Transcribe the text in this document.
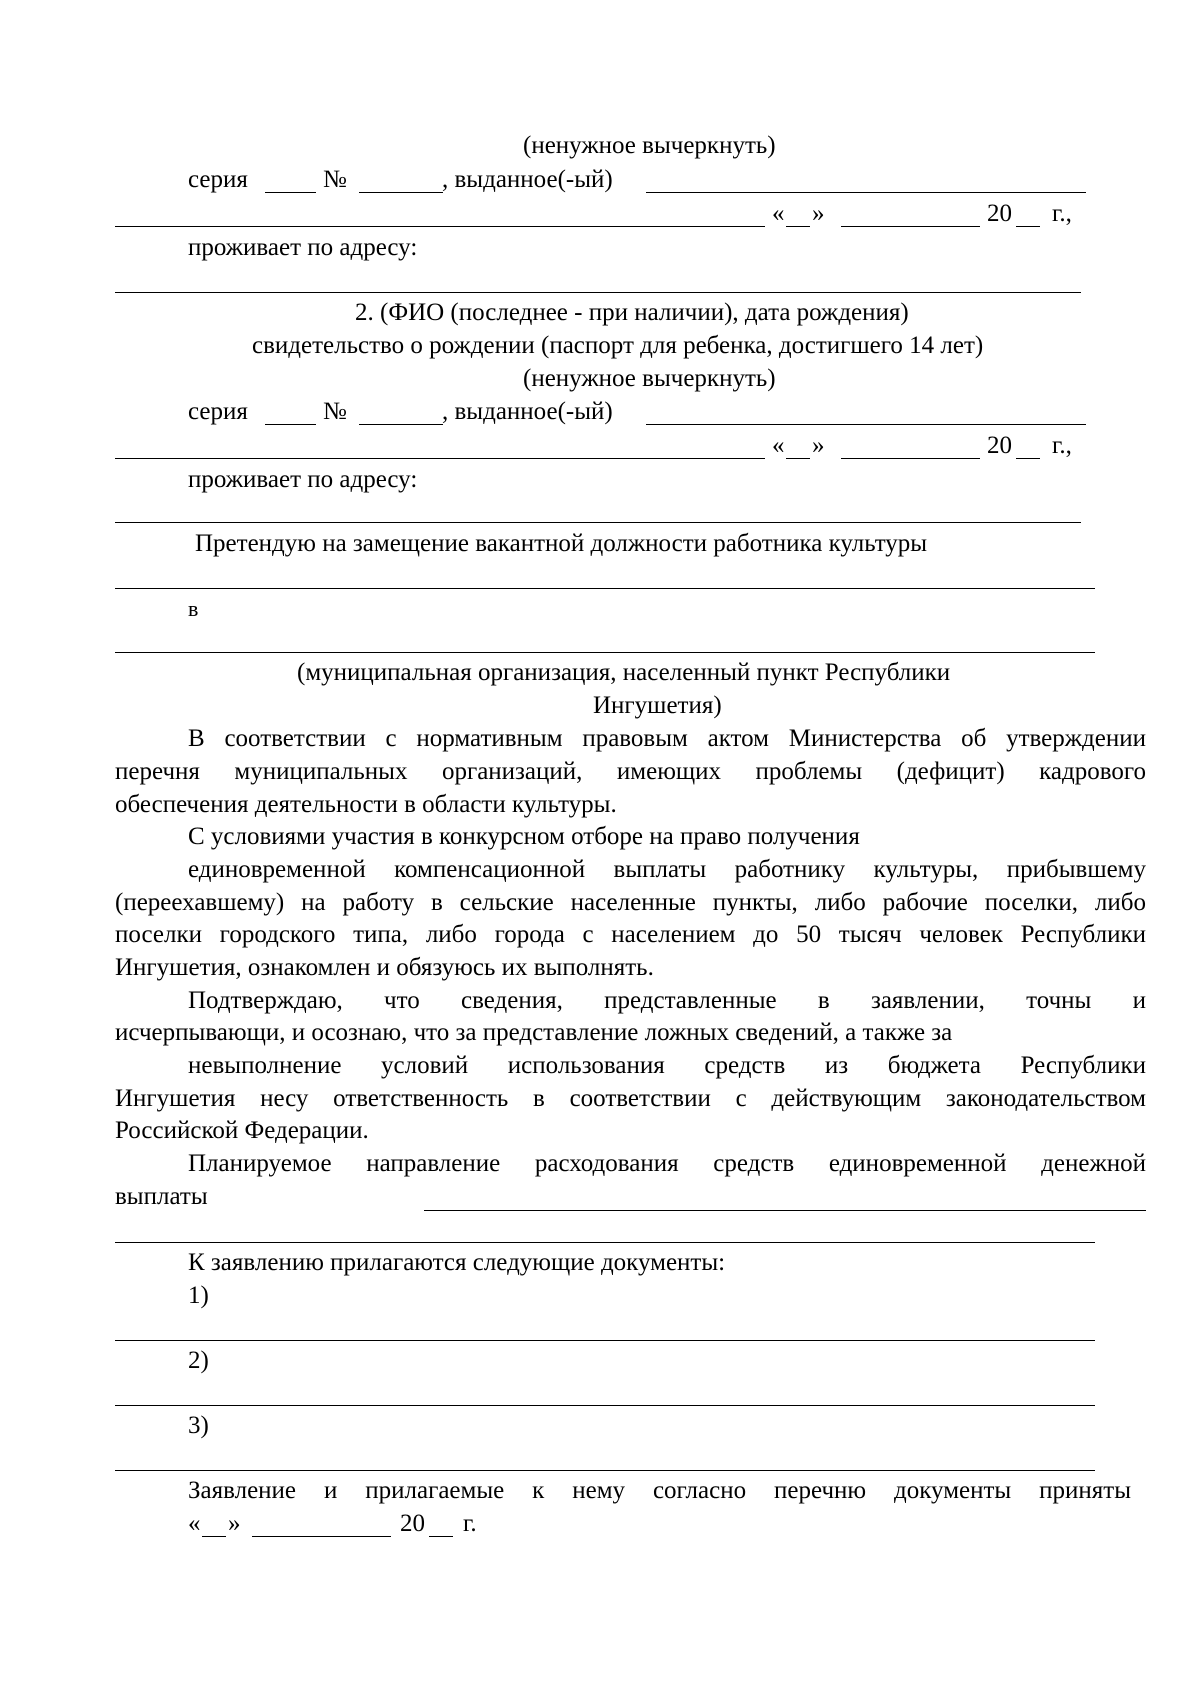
(ненужное вычеркнуть)
серия	№	, выданное(-ый)
« »	20 г.,
проживает по адресу:
2. (ФИО (последнее - при наличии), дата рождения)
свидетельство о рождении (паспорт для ребенка, достигшего 14 лет)
(ненужное вычеркнуть)
серия	№	, выданное(-ый)
« »	20 г.,
проживает по адресу:
Претендую на замещение вакантной должности работника культуры
в
(муниципальная организация, населенный пункт Республики
Ингушетия)
В соответствии с нормативным правовым актом Министерства об утверждении
перечня муниципальных организаций, имеющих проблемы (дефицит) кадрового
обеспечения деятельности в области культуры.
С условиями участия в конкурсном отборе на право получения
единовременной компенсационной выплаты работнику культуры, прибывшему
(переехавшему) на работу в сельские населенные пункты, либо рабочие поселки, либо
поселки городского типа, либо города с населением до 50 тысяч человек Республики
Ингушетия, ознакомлен и обязуюсь их выполнять.
Подтверждаю, что сведения, представленные в заявлении, точны и
исчерпывающи, и осознаю, что за представление ложных сведений, а также за
невыполнение условий использования средств из бюджета Республики
Ингушетия несу ответственность в соответствии с действующим законодательством
Российской Федерации.
Планируемое направление расходования средств единовременной денежной
выплаты
К заявлению прилагаются следующие документы:
1)
2)
3)
Заявление и прилагаемые к нему согласно перечню документы приняты
« »	20 г.
